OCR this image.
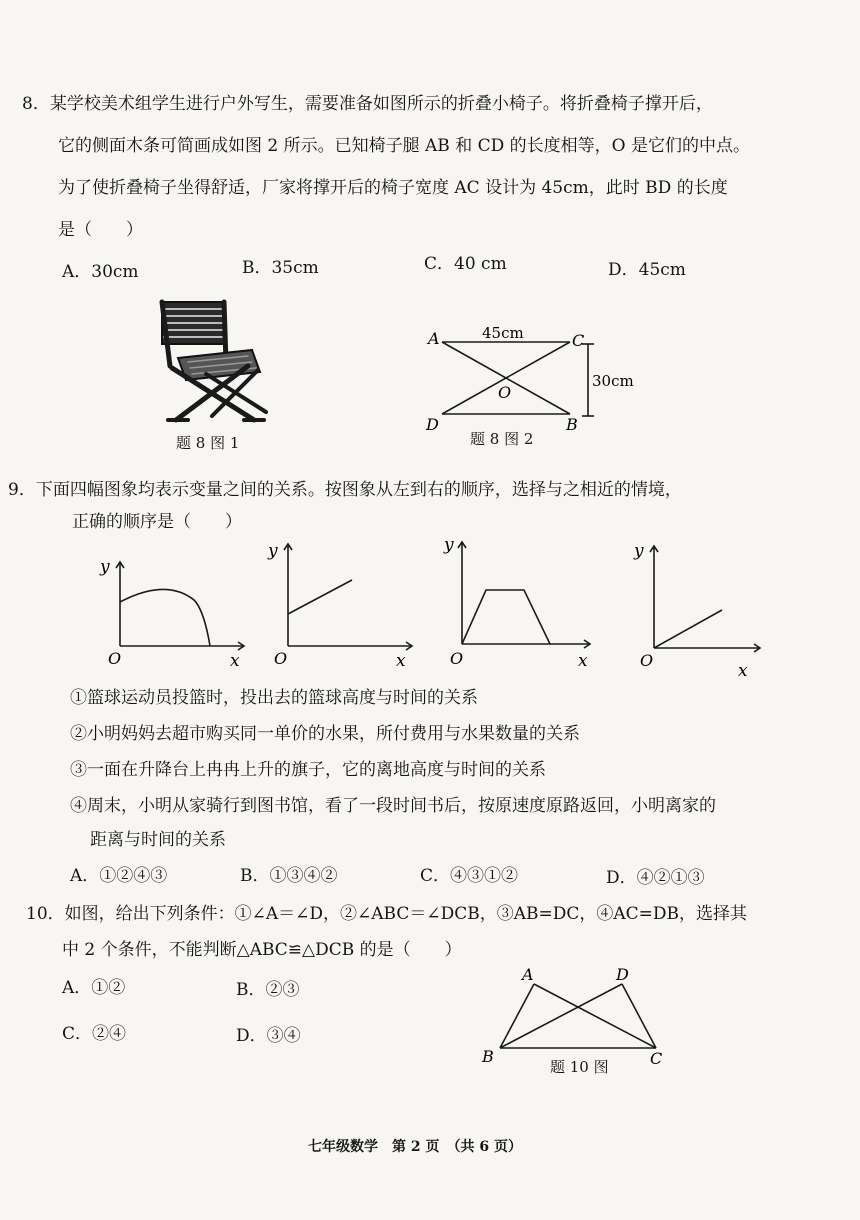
8．某学校美术组学生进行户外写生，需要准备如图所示的折叠小椅子。将折叠椅子撑开后，
它的侧面木条可简画成如图 2 所示。已知椅子腿 AB 和 CD 的长度相等，O 是它们的中点。
为了使折叠椅子坐得舒适，厂家将撑开后的椅子宽度 AC 设计为 45cm，此时 BD 的长度
是（　　）
A．30cm	B．35cm	C．40 cm	D．45cm
题 8 图 1
A	C
D	B
O
45cm
30cm
题 8 图 2
9．下面四幅图象均表示变量之间的关系。按图象从左到右的顺序，选择与之相近的情境，
正确的顺序是（　　）
y
x
O
y
x
O
y
x
O
y
x
O
①篮球运动员投篮时，投出去的篮球高度与时间的关系
②小明妈妈去超市购买同一单价的水果，所付费用与水果数量的关系
③一面在升降台上冉冉上升的旗子，它的离地高度与时间的关系
④周末，小明从家骑行到图书馆，看了一段时间书后，按原速度原路返回，小明离家的
距离与时间的关系
A．①②④③	B．①③④②	C．④③①②	D．④②①③
10．如图，给出下列条件：①∠A＝∠D，②∠ABC＝∠DCB，③AB=DC，④AC=DB，选择其
中 2 个条件，不能判断△ABC≌△DCB 的是（　　）
A．①②	B．②③
C．②④	D．③④
A	D
B	C
题 10 图
七年级数学　第 2 页　（共 6 页）
